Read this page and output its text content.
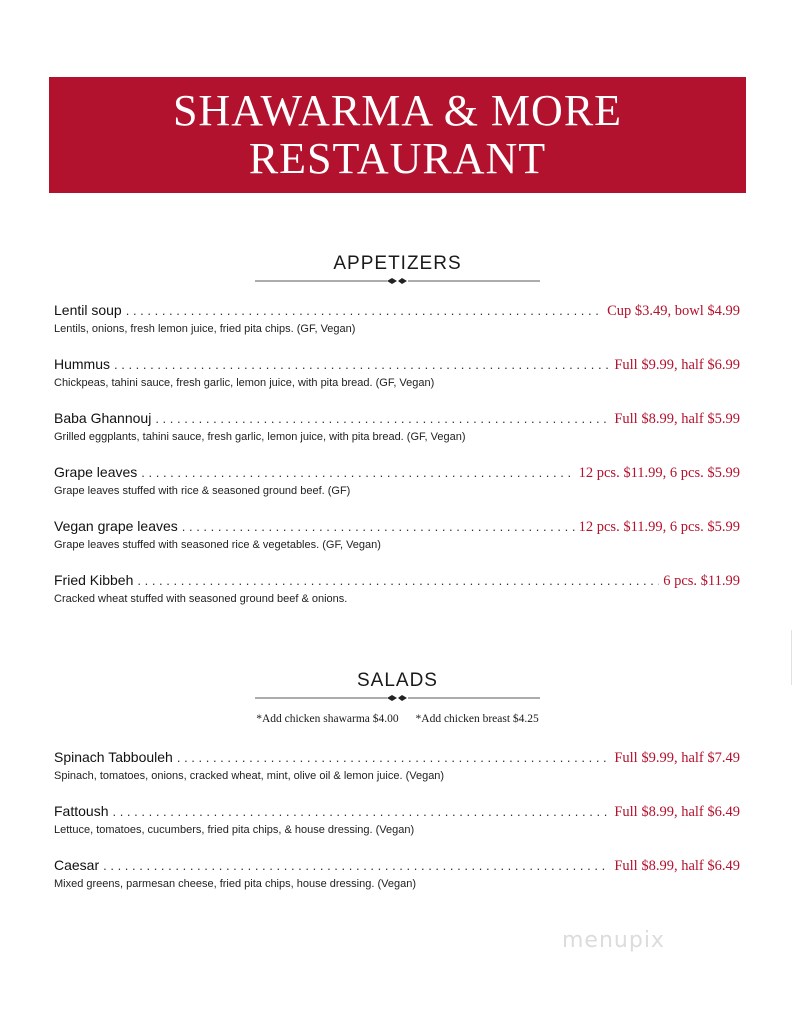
SHAWARMA & MORE
RESTAURANT
APPETIZERS
Lentil soup . . .	Cup $3.49, bowl $4.99
Lentils, onions, fresh lemon juice, fried pita chips. (GF, Vegan)
Hummus . . .	Full $9.99, half $6.99
Chickpeas, tahini sauce, fresh garlic, lemon juice, with pita bread. (GF, Vegan)
Baba Ghannouj . . .	Full $8.99, half $5.99
Grilled eggplants, tahini sauce, fresh garlic, lemon juice, with pita bread. (GF, Vegan)
Grape leaves . . .	12 pcs. $11.99, 6 pcs. $5.99
Grape leaves stuffed with rice & seasoned ground beef. (GF)
Vegan grape leaves . . .	12 pcs. $11.99, 6 pcs. $5.99
Grape leaves stuffed with seasoned rice & vegetables. (GF, Vegan)
Fried Kibbeh . . .	6 pcs. $11.99
Cracked wheat stuffed with seasoned ground beef & onions.
SALADS
*Add chicken shawarma $4.00 *Add chicken breast $4.25
Spinach Tabbouleh . . .	Full $9.99, half $7.49
Spinach, tomatoes, onions, cracked wheat, mint, olive oil & lemon juice. (Vegan)
Fattoush . . .	Full $8.99, half $6.49
Lettuce, tomatoes, cucumbers, fried pita chips, & house dressing. (Vegan)
Caesar . . .	Full $8.99, half $6.49
Mixed greens, parmesan cheese, fried pita chips, house dressing. (Vegan)
menupix
